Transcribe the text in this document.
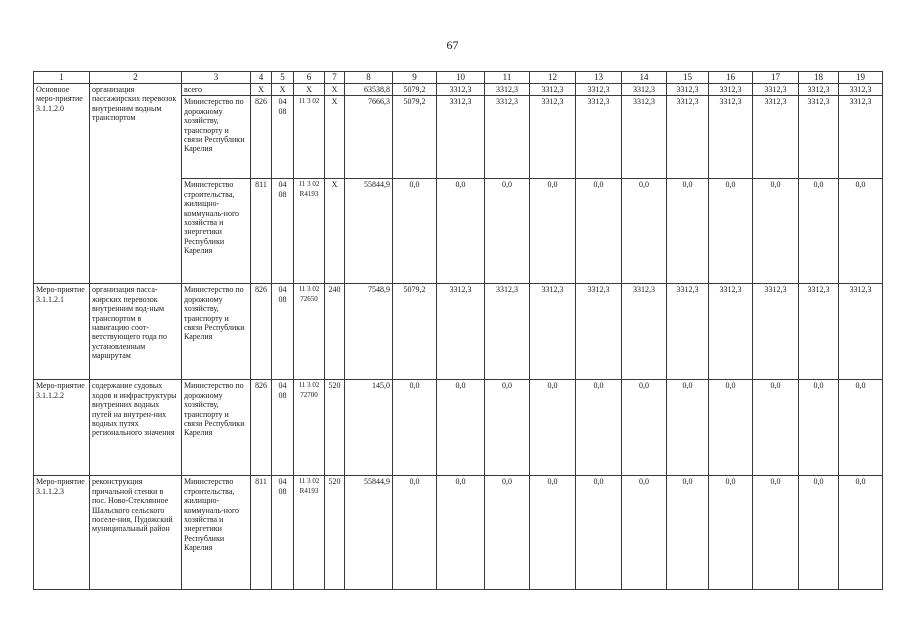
67
1	2	3	4	5	6	7	8	9	10	11	12	13	14	15	16	17	18	19
Основное меро-приятие 3.1.1.2.0	организация пассажирских перевозок внутренним водным транспортом	всего	Х	Х	Х	Х	63538,8	5079,2	3312,3	3312,3	3312,3	3312,3	3312,3	3312,3	3312,3	3312,3	3312,3	3312,3
		Министерство по дорожному хозяйству, транспорту и связи Республики Карелия	826	04 08	11 3 02	Х	7666,3	5079,2	3312,3	3312,3	3312,3	3312,3	3312,3	3312,3	3312,3	3312,3	3312,3	3312,3
		Министерство строительства, жилищно-коммуналь-ного хозяйства и энергетики Республики Карелия	811	04 08	11 3 02 R4193	Х	55844,9	0,0	0,0	0,0	0,0	0,0	0,0	0,0	0,0	0,0	0,0	0,0
Меро-приятие 3.1.1.2.1	организация пасса-жирских перевозок внутренним вод-ным транспортом в навигацию соот-ветствующего года по установленным маршрутам	Министерство по дорожному хозяйству, транспорту и связи Республики Карелия	826	04 08	11 3 02 72650	240	7548,9	5079,2	3312,3	3312,3	3312,3	3312,3	3312,3	3312,3	3312,3	3312,3	3312,3	3312,3
Меро-приятие 3.1.1.2.2	содержание судовых ходов и инфраструктуры внутренних водных путей на внутрен-них водных путях регионального значения	Министерство по дорожному хозяйству, транспорту и связи Республики Карелия	826	04 08	11 3 02 72700	520	145,0	0,0	0,0	0,0	0,0	0,0	0,0	0,0	0,0	0,0	0,0	0,0
Меро-приятие 3.1.1.2.3	реконструкция причальной стенки в пос. Ново-Стеклянное Шальского сельского поселе-ния, Пудожский муниципальный район	Министерство строительства, жилищно-коммуналь-ного хозяйства и энергетики Республики Карелия	811	04 08	11 3 02 R4193	520	55844,9	0,0	0,0	0,0	0,0	0,0	0,0	0,0	0,0	0,0	0,0	0,0
